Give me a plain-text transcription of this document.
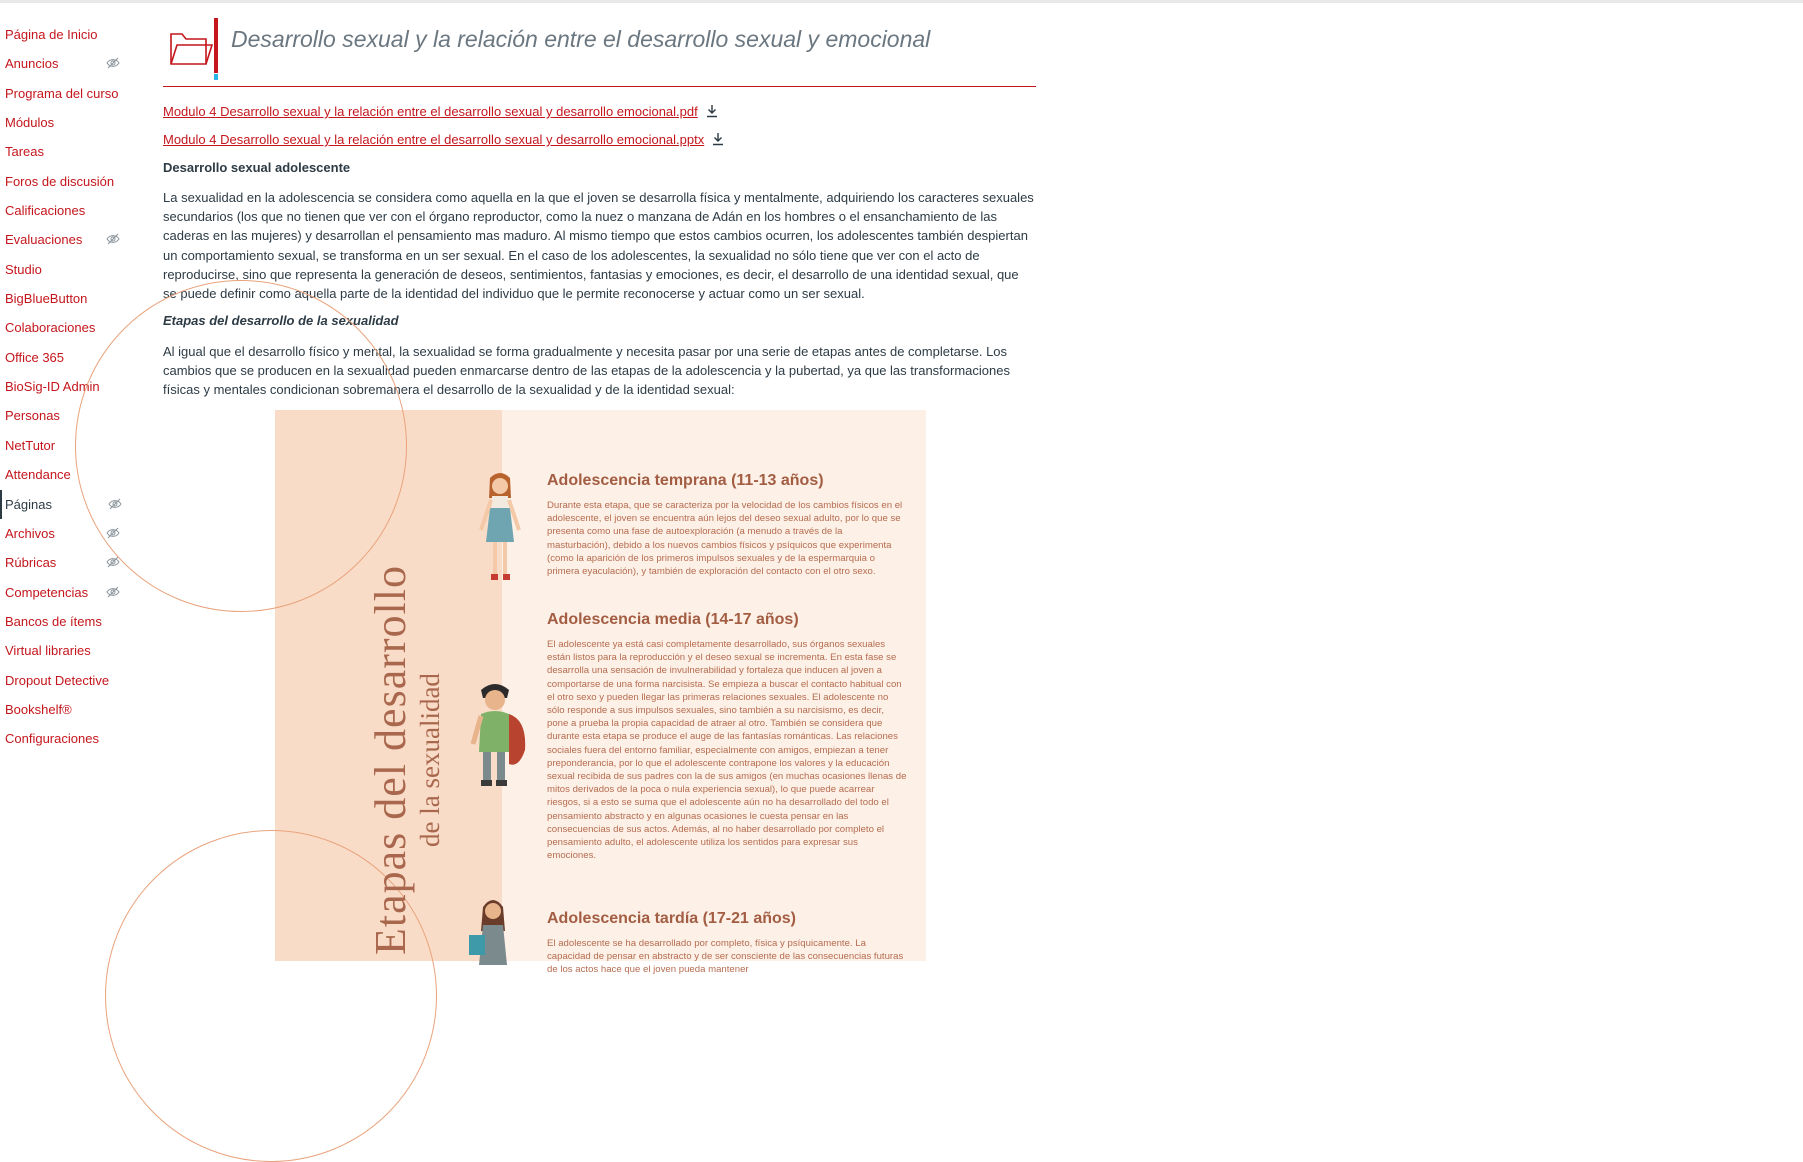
Página de Inicio
Anuncios
Programa del curso
Módulos
Tareas
Foros de discusión
Calificaciones
Evaluaciones
Studio
BigBlueButton
Colaboraciones
Office 365
BioSig-ID Admin
Personas
NetTutor
Attendance
Páginas
Archivos
Rúbricas
Competencias
Bancos de ítems
Virtual libraries
Dropout Detective
Bookshelf®
Configuraciones
Desarrollo sexual y la relación entre el desarrollo sexual y emocional
Modulo 4 Desarrollo sexual y la relación entre el desarrollo sexual y desarrollo emocional.pdf
Modulo 4 Desarrollo sexual y la relación entre el desarrollo sexual y desarrollo emocional.pptx
Desarrollo sexual adolescente

La sexualidad en la adolescencia se considera como aquella en la que el joven se desarrolla física y mentalmente, adquiriendo los caracteres sexuales secundarios (los que no tienen que ver con el órgano reproductor, como la nuez o manzana de Adán en los hombres o el ensanchamiento de las caderas en las mujeres) y desarrollan el pensamiento mas maduro. Al mismo tiempo que estos cambios ocurren, los adolescentes también despiertan un comportamiento sexual, se transforma en un ser sexual. En el caso de los adolescentes, la sexualidad no sólo tiene que ver con el acto de reproducirse, sino que representa la generación de deseos, sentimientos, fantasias y emociones, es decir, el desarrollo de una identidad sexual, que se puede definir como aquella parte de la identidad del individuo que le permite reconocerse y actuar como un ser sexual.

Etapas del desarrollo de la sexualidad

Al igual que el desarrollo físico y mental, la sexualidad se forma gradualmente y necesita pasar por una serie de etapas antes de completarse. Los cambios que se producen en la sexualidad pueden enmarcarse dentro de las etapas de la adolescencia y la pubertad, ya que las transformaciones físicas y mentales condicionan sobremanera el desarrollo de la sexualidad y de la identidad sexual:

Etapas del desarrollo de la sexualidad
Adolescencia temprana (11-13 años)
Durante esta etapa, que se caracteriza por la velocidad de los cambios físicos en el adolescente, el joven se encuentra aún lejos del deseo sexual adulto, por lo que se presenta como una fase de autoexploración (a menudo a través de la masturbación), debido a los nuevos cambios físicos y psíquicos que experimenta (como la aparición de los primeros impulsos sexuales y de la espermarquia o primera eyaculación), y también de exploración del contacto con el otro sexo.
Adolescencia media (14-17 años)
El adolescente ya está casi completamente desarrollado, sus órganos sexuales están listos para la reproducción y el deseo sexual se incrementa. En esta fase se desarrolla una sensación de invulnerabilidad y fortaleza que inducen al joven a comportarse de una forma narcisista. Se empieza a buscar el contacto habitual con el otro sexo y pueden llegar las primeras relaciones sexuales. El adolescente no sólo responde a sus impulsos sexuales, sino también a su narcisismo, es decir, pone a prueba la propia capacidad de atraer al otro. También se considera que durante esta etapa se produce el auge de las fantasías románticas. Las relaciones sociales fuera del entorno familiar, especialmente con amigos, empiezan a tener preponderancia, por lo que el adolescente contrapone los valores y la educación sexual recibida de sus padres con la de sus amigos (en muchas ocasiones llenas de mitos derivados de la poca o nula experiencia sexual), lo que puede acarrear riesgos, si a esto se suma que el adolescente aún no ha desarrollado del todo el pensamiento abstracto y en algunas ocasiones le cuesta pensar en las consecuencias de sus actos. Además, al no haber desarrollado por completo el pensamiento adulto, el adolescente utiliza los sentidos para expresar sus emociones.
Adolescencia tardía (17-21 años)
El adolescente se ha desarrollado por completo, física y psíquicamente. La capacidad de pensar en abstracto y de ser consciente de las consecuencias futuras de los actos hace que el joven pueda mantener
